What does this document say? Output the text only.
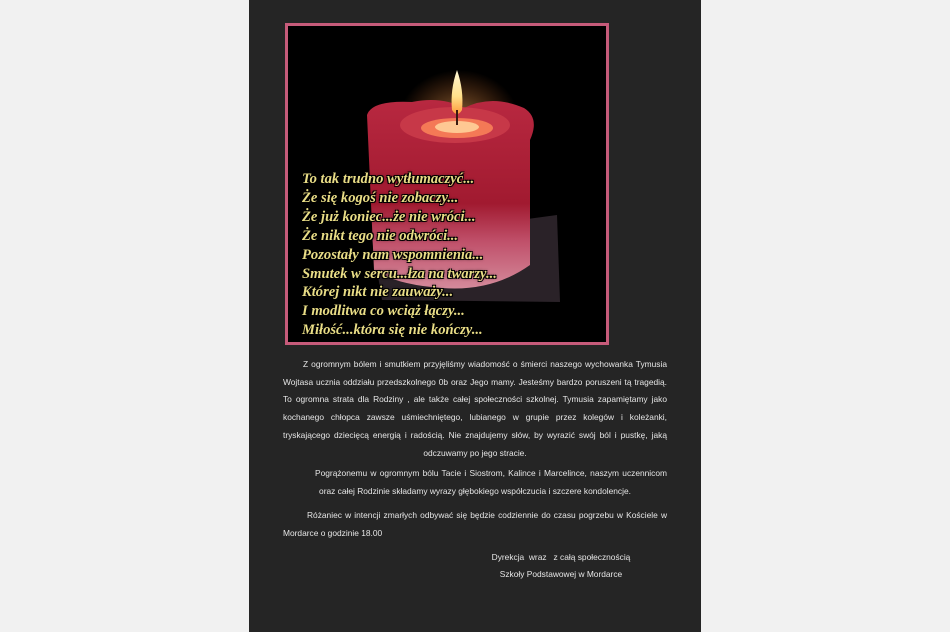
To tak trudno wytłumaczyć...
Że się kogoś nie zobaczy...
Że już koniec...że nie wróci...
Że nikt tego nie odwróci...
Pozostały nam wspomnienia...
Smutek w sercu...łza na twarzy...
Której nikt nie zauważy...
I modlitwa co wciąż łączy...
Miłość...która się nie kończy...

Z ogromnym bólem i smutkiem przyjęliśmy wiadomość o śmierci naszego wychowanka Tymusia Wojtasa ucznia oddziału przedszkolnego 0b oraz Jego mamy. Jesteśmy bardzo poruszeni tą tragedią. To ogromna strata dla Rodziny , ale także całej społeczności szkolnej. Tymusia zapamiętamy jako kochanego chłopca zawsze uśmiechniętego, lubianego w grupie przez kolegów i koleżanki, tryskającego dziecięcą energią i radością. Nie znajdujemy słów, by wyrazić swój ból i pustkę, jaką odczuwamy po jego stracie.

Pogrążonemu w ogromnym bólu Tacie i Siostrom, Kalince i Marcelince, naszym uczennicom oraz całej Rodzinie składamy wyrazy głębokiego współczucia i szczere kondolencje.

Różaniec w intencji zmarłych odbywać się będzie codziennie do czasu pogrzebu w Kościele w Mordarce o godzinie 18.00

Dyrekcja  wraz   z całą społecznością
Szkoły Podstawowej w Mordarce
